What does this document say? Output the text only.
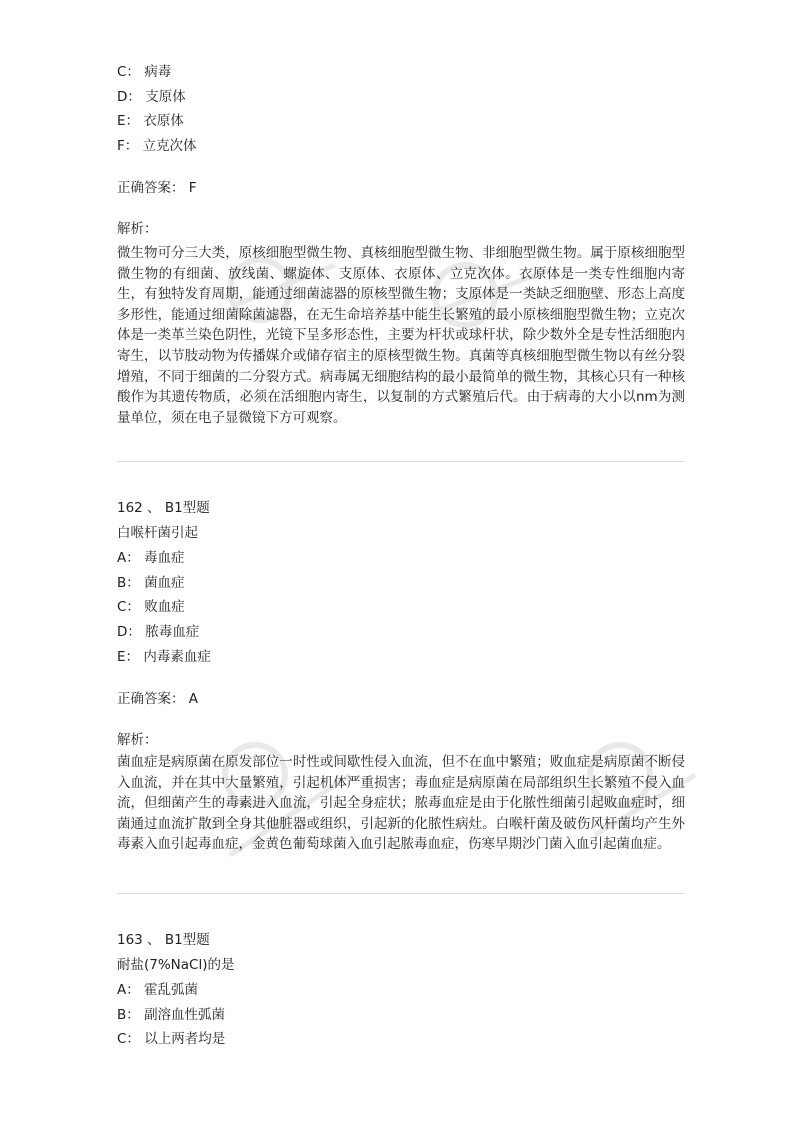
C： 病毒
D： 支原体
E： 衣原体
F： 立克次体
正确答案： F
解析：
微生物可分三大类，原核细胞型微生物、真核细胞型微生物、非细胞型微生物。属于原核细胞型微生物的有细菌、放线菌、螺旋体、支原体、衣原体、立克次体。衣原体是一类专性细胞内寄生，有独特发育周期，能通过细菌滤器的原核型微生物；支原体是一类缺乏细胞壁、形态上高度多形性，能通过细菌除菌滤器，在无生命培养基中能生长繁殖的最小原核细胞型微生物；立克次体是一类革兰染色阴性，光镜下呈多形态性，主要为杆状或球杆状，除少数外全是专性活细胞内寄生，以节肢动物为传播媒介或储存宿主的原核型微生物。真菌等真核细胞型微生物以有丝分裂增殖，不同于细菌的二分裂方式。病毒属无细胞结构的最小最简单的微生物，其核心只有一种核酸作为其遗传物质，必须在活细胞内寄生，以复制的方式繁殖后代。由于病毒的大小以nm为测量单位，须在电子显微镜下方可观察。
162 、 B1型题
白喉杆菌引起
A： 毒血症
B： 菌血症
C： 败血症
D： 脓毒血症
E： 内毒素血症
正确答案： A
解析：
菌血症是病原菌在原发部位一时性或间歇性侵入血流，但不在血中繁殖；败血症是病原菌不断侵入血流，并在其中大量繁殖，引起机体严重损害；毒血症是病原菌在局部组织生长繁殖不侵入血流，但细菌产生的毒素进入血流，引起全身症状；脓毒血症是由于化脓性细菌引起败血症时，细菌通过血流扩散到全身其他脏器或组织，引起新的化脓性病灶。白喉杆菌及破伤风杆菌均产生外毒素入血引起毒血症，金黄色葡萄球菌入血引起脓毒血症，伤寒早期沙门菌入血引起菌血症。
163 、 B1型题
耐盐(7%NaCl)的是
A： 霍乱弧菌
B： 副溶血性弧菌
C： 以上两者均是
